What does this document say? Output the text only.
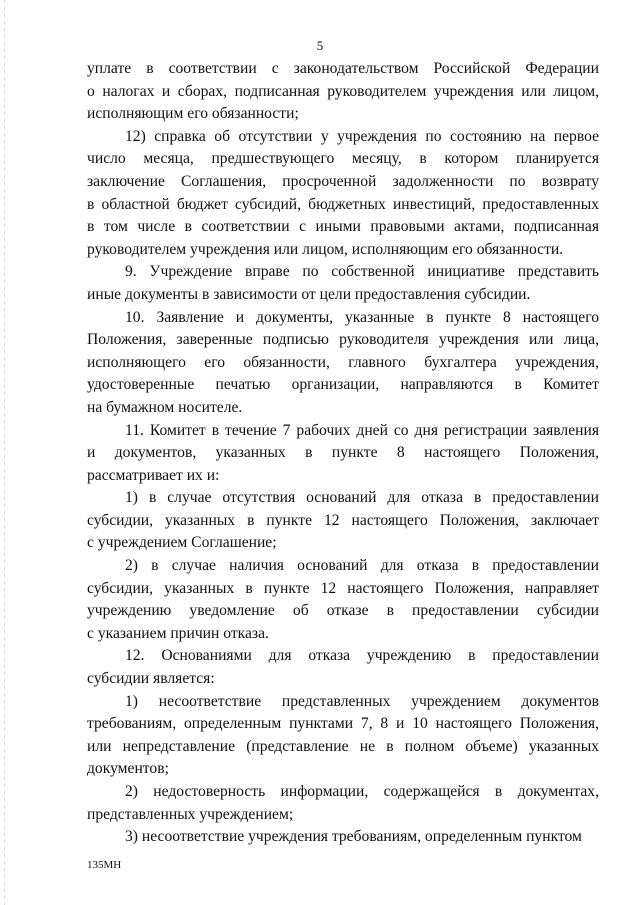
5
уплате в соответствии с законодательством Российской Федерации
о налогах и сборах, подписанная руководителем учреждения или лицом,
исполняющим его обязанности;
12) справка об отсутствии у учреждения по состоянию на первое
число месяца, предшествующего месяцу, в котором планируется
заключение Соглашения, просроченной задолженности по возврату
в областной бюджет субсидий, бюджетных инвестиций, предоставленных
в том числе в соответствии с иными правовыми актами, подписанная
руководителем учреждения или лицом, исполняющим его обязанности.
9. Учреждение вправе по собственной инициативе представить
иные документы в зависимости от цели предоставления субсидии.
10. Заявление и документы, указанные в пункте 8 настоящего
Положения, заверенные подписью руководителя учреждения или лица,
исполняющего его обязанности, главного бухгалтера учреждения,
удостоверенные печатью организации, направляются в Комитет
на бумажном носителе.
11. Комитет в течение 7 рабочих дней со дня регистрации заявления
и документов, указанных в пункте 8 настоящего Положения,
рассматривает их и:
1) в случае отсутствия оснований для отказа в предоставлении
субсидии, указанных в пункте 12 настоящего Положения, заключает
с учреждением Соглашение;
2) в случае наличия оснований для отказа в предоставлении
субсидии, указанных в пункте 12 настоящего Положения, направляет
учреждению уведомление об отказе в предоставлении субсидии
с указанием причин отказа.
12. Основаниями для отказа учреждению в предоставлении
субсидии является:
1) несоответствие представленных учреждением документов
требованиям, определенным пунктами 7, 8 и 10 настоящего Положения,
или непредставление (представление не в полном объеме) указанных
документов;
2) недостоверность информации, содержащейся в документах,
представленных учреждением;
3) несоответствие учреждения требованиям, определенным пунктом
135МН
